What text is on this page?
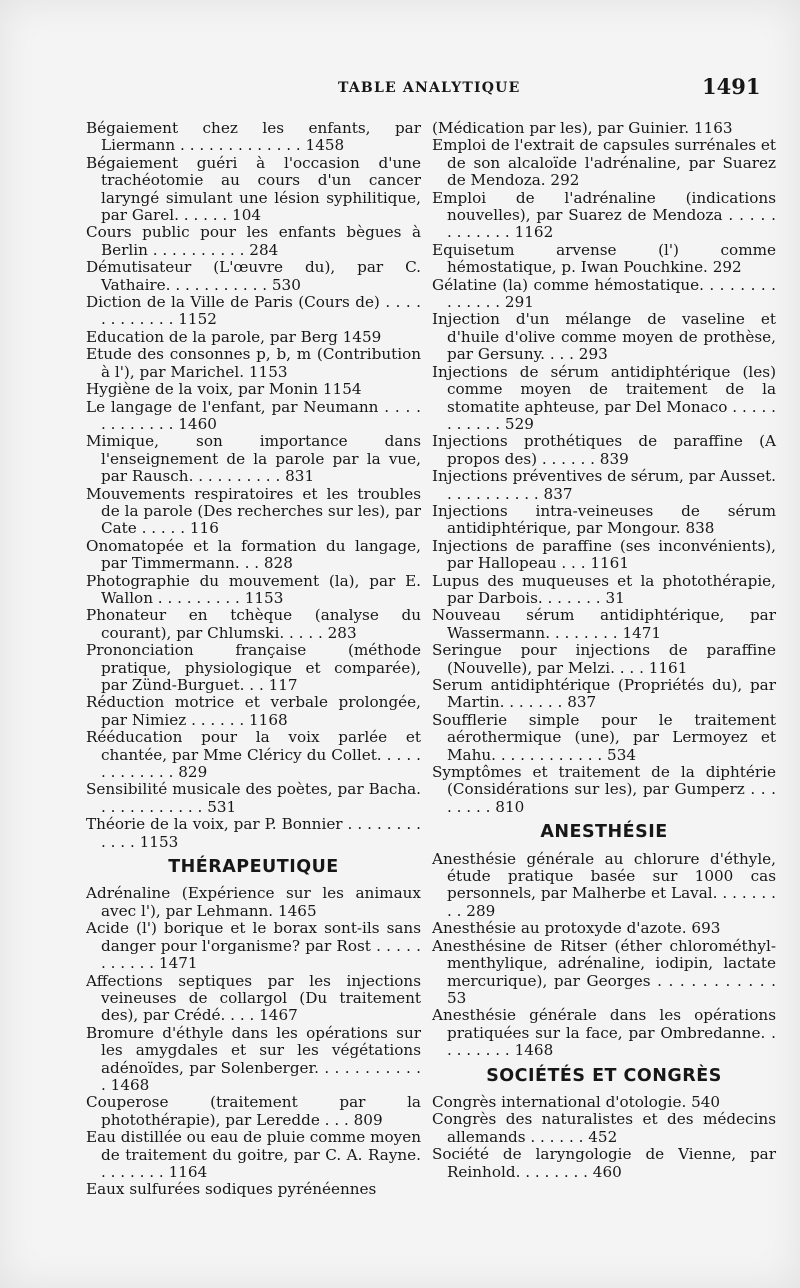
TABLE ANALYTIQUE	1491

Bégaiement chez les enfants, par Liermann . . . . . . . . . . . . . 1458

Bégaiement guéri à l'occasion d'une trachéotomie au cours d'un cancer laryngé simulant une lésion syphilitique, par Garel. . . . . . 104

Cours public pour les enfants bègues à Berlin . . . . . . . . . . 284

Démutisateur (L'œuvre du), par C. Vathaire. . . . . . . . . . . 530

Diction de la Ville de Paris (Cours de) . . . . . . . . . . . . 1152

Education de la parole, par Berg 1459

Etude des consonnes p, b, m (Contribution à l'), par Marichel. 1153

Hygiène de la voix, par Monin 1154

Le langage de l'enfant, par Neumann . . . . . . . . . . . . 1460

Mimique, son importance dans l'enseignement de la parole par la vue, par Rausch. . . . . . . . . . 831

Mouvements respiratoires et les troubles de la parole (Des recherches sur les), par Cate . . . . . 116

Onomatopée et la formation du langage, par Timmermann. . . 828

Photographie du mouvement (la), par E. Wallon . . . . . . . . . 1153

Phonateur en tchèque (analyse du courant), par Chlumski. . . . . 283

Prononciation française (méthode pratique, physiologique et comparée), par Zünd-Burguet. . . 117

Réduction motrice et verbale prolongée, par Nimiez . . . . . . 1168

Rééducation pour la voix parlée et chantée, par Mme Cléricy du Collet. . . . . . . . . . . . . 829

Sensibilité musicale des poètes, par Bacha. . . . . . . . . . . . 531

Théorie de la voix, par P. Bonnier . . . . . . . . . . . . 1153

THÉRAPEUTIQUE

Adrénaline (Expérience sur les animaux avec l'), par Lehmann. 1465

Acide (l') borique et le borax sont-ils sans danger pour l'organisme? par Rost . . . . . . . . . . . 1471

Affections septiques par les injections veineuses de collargol (Du traitement des), par Crédé. . . . 1467

Bromure d'éthyle dans les opérations sur les amygdales et sur les végétations adénoïdes, par Solenberger. . . . . . . . . . . . 1468

Couperose (traitement par la photothérapie), par Leredde . . . 809

Eau distillée ou eau de pluie comme moyen de traitement du goitre, par C. A. Rayne. . . . . . . . 1164

Eaux sulfurées sodiques pyrénéennes

(Médication par les), par Guinier. 1163

Emploi de l'extrait de capsules surrénales et de son alcaloïde l'adrénaline, par Suarez de Mendoza. 292

Emploi de l'adrénaline (indications nouvelles), par Suarez de Mendoza . . . . . . . . . . . . 1162

Equisetum arvense (l') comme hémostatique, p. Iwan Pouchkine. 292

Gélatine (la) comme hémostatique. . . . . . . . . . . . . . 291

Injection d'un mélange de vaseline et d'huile d'olive comme moyen de prothèse, par Gersuny. . . . 293

Injections de sérum antidiphtérique (les) comme moyen de traitement de la stomatite aphteuse, par Del Monaco . . . . . . . . . . . 529

Injections prothétiques de paraffine (A propos des) . . . . . . 839

Injections préventives de sérum, par Ausset. . . . . . . . . . . 837

Injections intra-veineuses de sérum antidiphtérique, par Mongour. 838

Injections de paraffine (ses inconvénients), par Hallopeau . . . 1161

Lupus des muqueuses et la photothérapie, par Darbois. . . . . . . 31

Nouveau sérum antidiphtérique, par Wassermann. . . . . . . . 1471

Seringue pour injections de paraffine (Nouvelle), par Melzi. . . . 1161

Serum antidiphtérique (Propriétés du), par Martin. . . . . . . 837

Soufflerie simple pour le traitement aérothermique (une), par Lermoyez et Mahu. . . . . . . . . . . . 534

Symptômes et traitement de la diphtérie (Considérations sur les), par Gumperz . . . . . . . . 810

ANESTHÉSIE

Anesthésie générale au chlorure d'éthyle, étude pratique basée sur 1000 cas personnels, par Malherbe et Laval. . . . . . . . . 289

Anesthésie au protoxyde d'azote. 693

Anesthésine de Ritser (éther chlorométhyl-menthylique, adrénaline, iodipin, lactate mercurique), par Georges . . . . . . . . . . . 53

Anesthésie générale dans les opérations pratiquées sur la face, par Ombredanne. . . . . . . . . 1468

SOCIÉTÉS ET CONGRÈS

Congrès international d'otologie. 540

Congrès des naturalistes et des médecins allemands . . . . . . 452

Société de laryngologie de Vienne, par Reinhold. . . . . . . . 460
